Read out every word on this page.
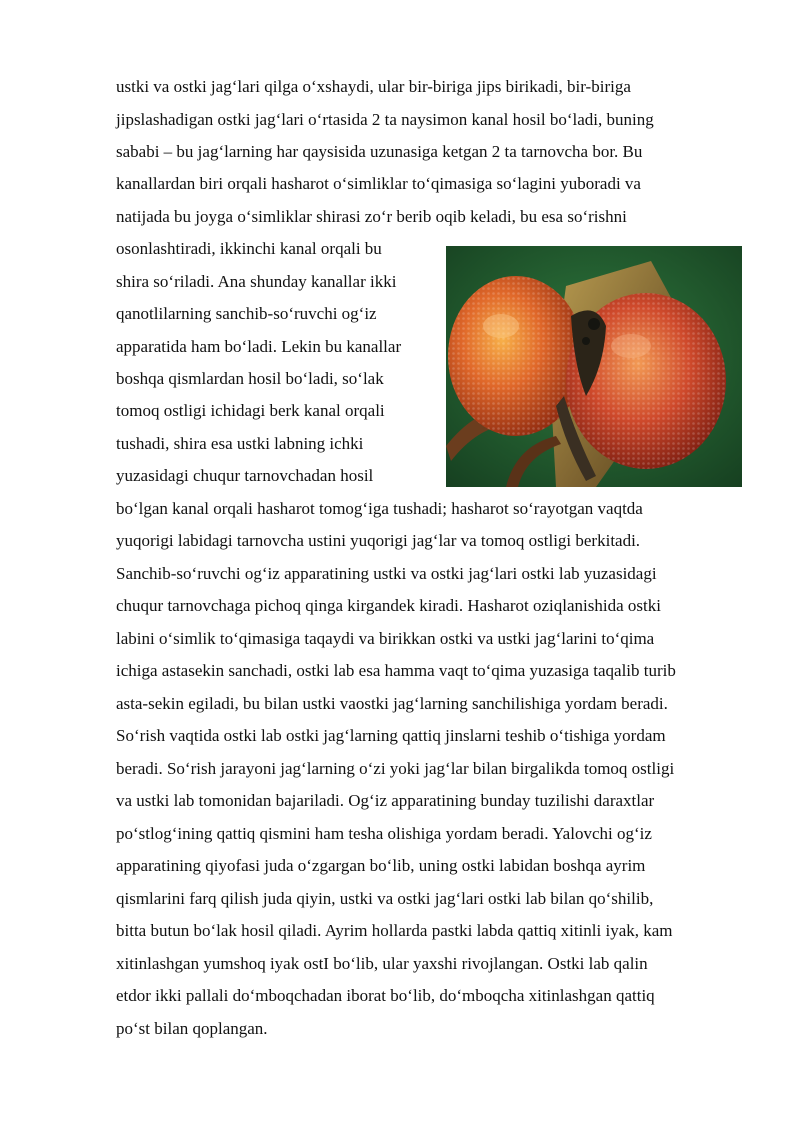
ustki va ostki jag‘lari qilga o‘xshaydi, ular bir-biriga jips birikadi, bir-biriga

jipslashadigan ostki jag‘lari o‘rtasida 2 ta naysimon kanal hosil bo‘ladi, buning

sababi – bu jag‘larning har qaysisida uzunasiga ketgan 2 ta tarnovcha bor. Bu

kanallardan biri orqali hasharot o‘simliklar to‘qimasiga so‘lagini yuboradi va

natijada bu joyga o‘simliklar shirasi zo‘r berib oqib keladi, bu esa so‘rishni

osonlashtiradi, ikkinchi kanal orqali bu

shira so‘riladi. Ana shunday kanallar ikki

qanotlilarning sanchib-so‘ruvchi og‘iz

apparatida ham bo‘ladi. Lekin bu kanallar

boshqa qismlardan hosil bo‘ladi, so‘lak

tomoq ostligi ichidagi berk kanal orqali

tushadi, shira esa ustki labning ichki

yuzasidagi chuqur tarnovchadan hosil

bo‘lgan kanal orqali hasharot tomog‘iga tushadi; hasharot so‘rayotgan vaqtda

yuqorigi labidagi tarnovcha ustini yuqorigi jag‘lar va tomoq ostligi berkitadi.

Sanchib-so‘ruvchi og‘iz apparatining ustki va ostki jag‘lari ostki lab yuzasidagi

chuqur tarnovchaga pichoq qinga kirgandek kiradi. Hasharot oziqlanishida ostki

labini o‘simlik to‘qimasiga taqaydi va birikkan ostki va ustki jag‘larini to‘qima

ichiga astasekin sanchadi, ostki lab esa hamma vaqt to‘qima yuzasiga taqalib turib

asta-sekin egiladi, bu bilan ustki vaostki jag‘larning sanchilishiga yordam beradi.

So‘rish vaqtida ostki lab ostki jag‘larning qattiq jinslarni teshib o‘tishiga yordam

beradi. So‘rish jarayoni jag‘larning o‘zi yoki jag‘lar bilan birgalikda tomoq ostligi

va ustki lab tomonidan bajariladi. Og‘iz apparatining bunday tuzilishi daraxtlar

po‘stlog‘ining qattiq qismini ham tesha olishiga yordam beradi. Yalovchi og‘iz

apparatining qiyofasi juda o‘zgargan bo‘lib, uning ostki labidan boshqa ayrim

qismlarini farq qilish juda qiyin, ustki va ostki jag‘lari ostki lab bilan qo‘shilib,

bitta butun bo‘lak hosil qiladi. Ayrim hollarda pastki labda qattiq xitinli iyak, kam

xitinlashgan yumshoq iyak ostI bo‘lib, ular yaxshi rivojlangan. Ostki lab qalin

etdor ikki pallali do‘mboqchadan iborat bo‘lib, do‘mboqcha xitinlashgan qattiq

po‘st bilan qoplangan.
